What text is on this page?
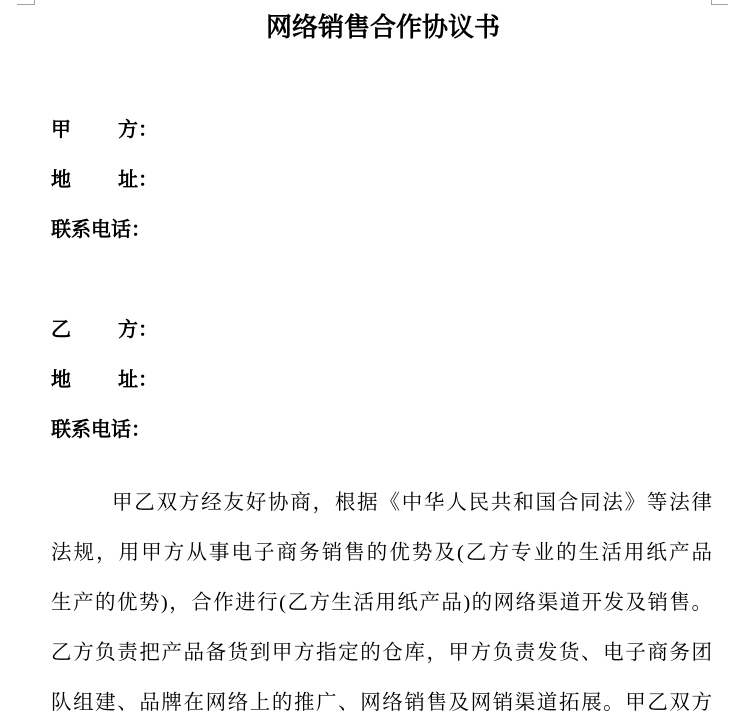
网络销售合作协议书
甲 方 ：
地 址 ：
联系电话 ：
乙 方 ：
地 址 ：
联系电话 ：
甲乙双方经友好协商，根据《中华人民共和国合同法》等法律
法规，用甲方从事电子商务销售的优势及(乙方专业的生活用纸产品
生产的优势)，合作进行(乙方生活用纸产品)的网络渠道开发及销售。
乙方负责把产品备货到甲方指定的仓库，甲方负责发货、电子商务团
队组建、品牌在网络上的推广、网络销售及网销渠道拓展。甲乙双方
